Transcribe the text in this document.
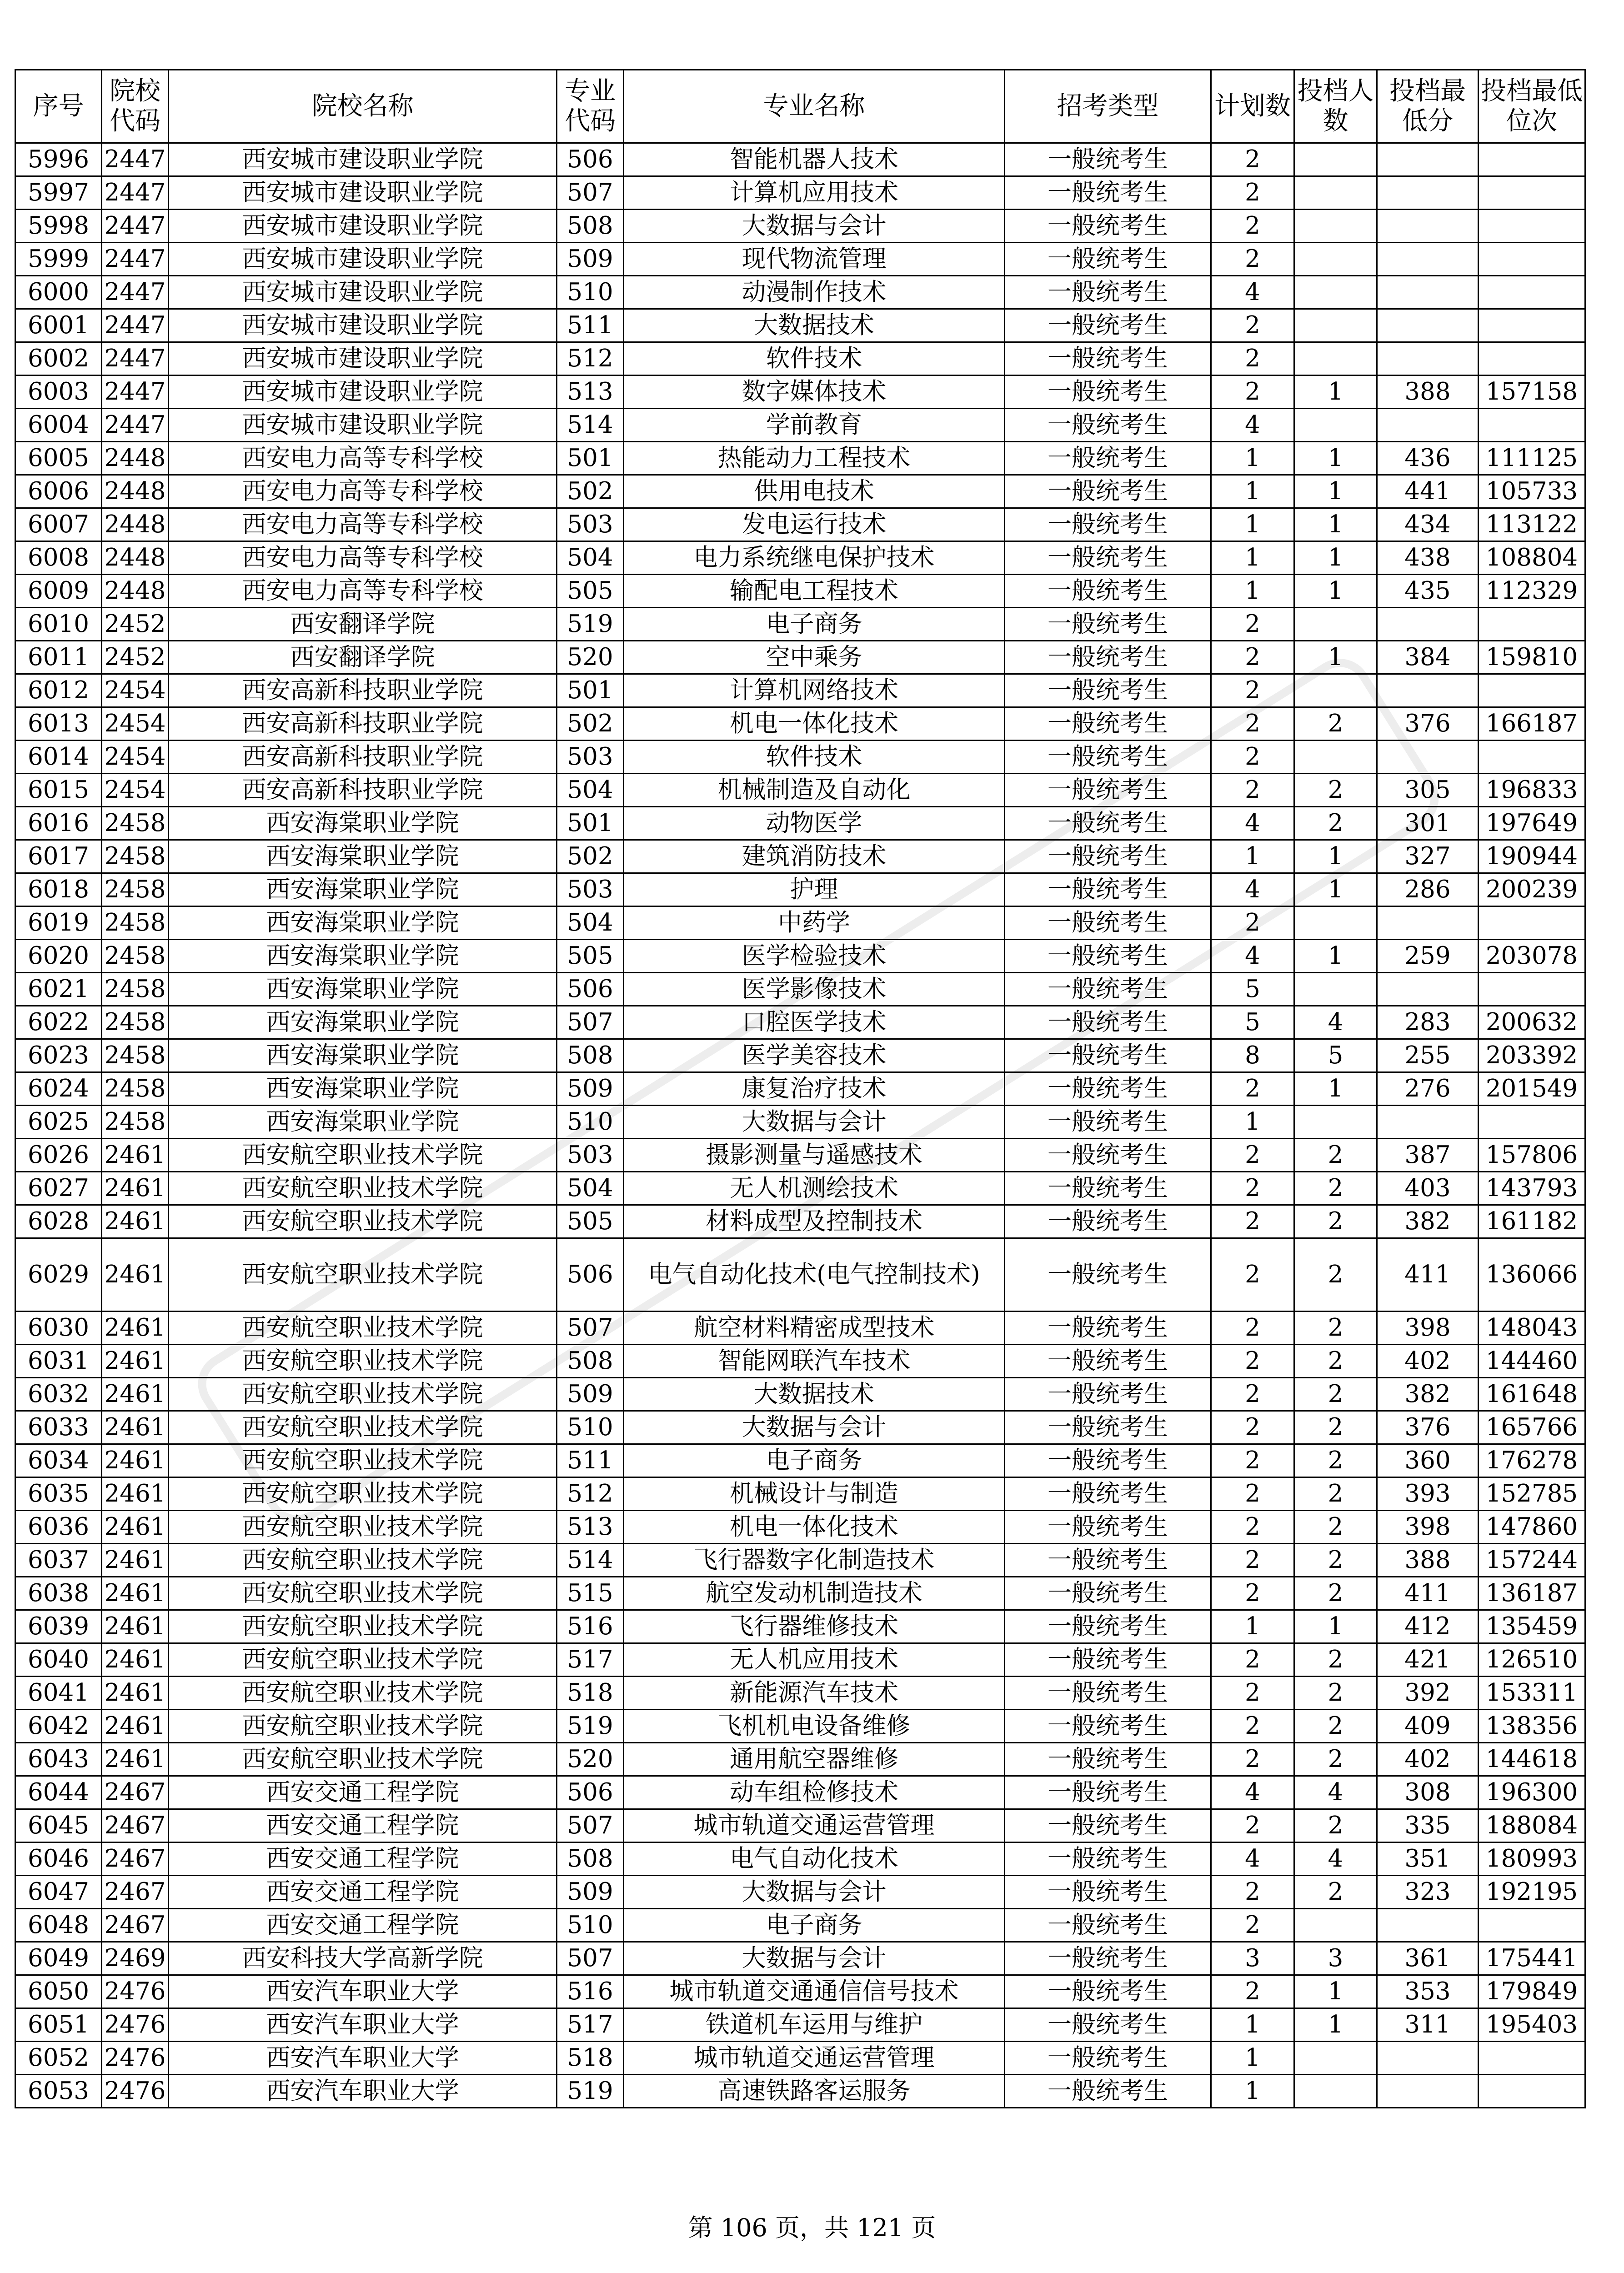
序号	院校代码	院校名称	专业代码	专业名称	招考类型	计划数	投档人数	投档最低分	投档最低位次
5996	2447	西安城市建设职业学院	506	智能机器人技术	一般统考生	2			
5997	2447	西安城市建设职业学院	507	计算机应用技术	一般统考生	2			
5998	2447	西安城市建设职业学院	508	大数据与会计	一般统考生	2			
5999	2447	西安城市建设职业学院	509	现代物流管理	一般统考生	2			
6000	2447	西安城市建设职业学院	510	动漫制作技术	一般统考生	4			
6001	2447	西安城市建设职业学院	511	大数据技术	一般统考生	2			
6002	2447	西安城市建设职业学院	512	软件技术	一般统考生	2			
6003	2447	西安城市建设职业学院	513	数字媒体技术	一般统考生	2	1	388	157158
6004	2447	西安城市建设职业学院	514	学前教育	一般统考生	4			
6005	2448	西安电力高等专科学校	501	热能动力工程技术	一般统考生	1	1	436	111125
6006	2448	西安电力高等专科学校	502	供用电技术	一般统考生	1	1	441	105733
6007	2448	西安电力高等专科学校	503	发电运行技术	一般统考生	1	1	434	113122
6008	2448	西安电力高等专科学校	504	电力系统继电保护技术	一般统考生	1	1	438	108804
6009	2448	西安电力高等专科学校	505	输配电工程技术	一般统考生	1	1	435	112329
6010	2452	西安翻译学院	519	电子商务	一般统考生	2			
6011	2452	西安翻译学院	520	空中乘务	一般统考生	2	1	384	159810
6012	2454	西安高新科技职业学院	501	计算机网络技术	一般统考生	2			
6013	2454	西安高新科技职业学院	502	机电一体化技术	一般统考生	2	2	376	166187
6014	2454	西安高新科技职业学院	503	软件技术	一般统考生	2			
6015	2454	西安高新科技职业学院	504	机械制造及自动化	一般统考生	2	2	305	196833
6016	2458	西安海棠职业学院	501	动物医学	一般统考生	4	2	301	197649
6017	2458	西安海棠职业学院	502	建筑消防技术	一般统考生	1	1	327	190944
6018	2458	西安海棠职业学院	503	护理	一般统考生	4	1	286	200239
6019	2458	西安海棠职业学院	504	中药学	一般统考生	2			
6020	2458	西安海棠职业学院	505	医学检验技术	一般统考生	4	1	259	203078
6021	2458	西安海棠职业学院	506	医学影像技术	一般统考生	5			
6022	2458	西安海棠职业学院	507	口腔医学技术	一般统考生	5	4	283	200632
6023	2458	西安海棠职业学院	508	医学美容技术	一般统考生	8	5	255	203392
6024	2458	西安海棠职业学院	509	康复治疗技术	一般统考生	2	1	276	201549
6025	2458	西安海棠职业学院	510	大数据与会计	一般统考生	1			
6026	2461	西安航空职业技术学院	503	摄影测量与遥感技术	一般统考生	2	2	387	157806
6027	2461	西安航空职业技术学院	504	无人机测绘技术	一般统考生	2	2	403	143793
6028	2461	西安航空职业技术学院	505	材料成型及控制技术	一般统考生	2	2	382	161182
6029	2461	西安航空职业技术学院	506	电气自动化技术(电气控制技术)	一般统考生	2	2	411	136066
6030	2461	西安航空职业技术学院	507	航空材料精密成型技术	一般统考生	2	2	398	148043
6031	2461	西安航空职业技术学院	508	智能网联汽车技术	一般统考生	2	2	402	144460
6032	2461	西安航空职业技术学院	509	大数据技术	一般统考生	2	2	382	161648
6033	2461	西安航空职业技术学院	510	大数据与会计	一般统考生	2	2	376	165766
6034	2461	西安航空职业技术学院	511	电子商务	一般统考生	2	2	360	176278
6035	2461	西安航空职业技术学院	512	机械设计与制造	一般统考生	2	2	393	152785
6036	2461	西安航空职业技术学院	513	机电一体化技术	一般统考生	2	2	398	147860
6037	2461	西安航空职业技术学院	514	飞行器数字化制造技术	一般统考生	2	2	388	157244
6038	2461	西安航空职业技术学院	515	航空发动机制造技术	一般统考生	2	2	411	136187
6039	2461	西安航空职业技术学院	516	飞行器维修技术	一般统考生	1	1	412	135459
6040	2461	西安航空职业技术学院	517	无人机应用技术	一般统考生	2	2	421	126510
6041	2461	西安航空职业技术学院	518	新能源汽车技术	一般统考生	2	2	392	153311
6042	2461	西安航空职业技术学院	519	飞机机电设备维修	一般统考生	2	2	409	138356
6043	2461	西安航空职业技术学院	520	通用航空器维修	一般统考生	2	2	402	144618
6044	2467	西安交通工程学院	506	动车组检修技术	一般统考生	4	4	308	196300
6045	2467	西安交通工程学院	507	城市轨道交通运营管理	一般统考生	2	2	335	188084
6046	2467	西安交通工程学院	508	电气自动化技术	一般统考生	4	4	351	180993
6047	2467	西安交通工程学院	509	大数据与会计	一般统考生	2	2	323	192195
6048	2467	西安交通工程学院	510	电子商务	一般统考生	2			
6049	2469	西安科技大学高新学院	507	大数据与会计	一般统考生	3	3	361	175441
6050	2476	西安汽车职业大学	516	城市轨道交通通信信号技术	一般统考生	2	1	353	179849
6051	2476	西安汽车职业大学	517	铁道机车运用与维护	一般统考生	1	1	311	195403
6052	2476	西安汽车职业大学	518	城市轨道交通运营管理	一般统考生	1			
6053	2476	西安汽车职业大学	519	高速铁路客运服务	一般统考生	1			
第 106 页，共 121 页
